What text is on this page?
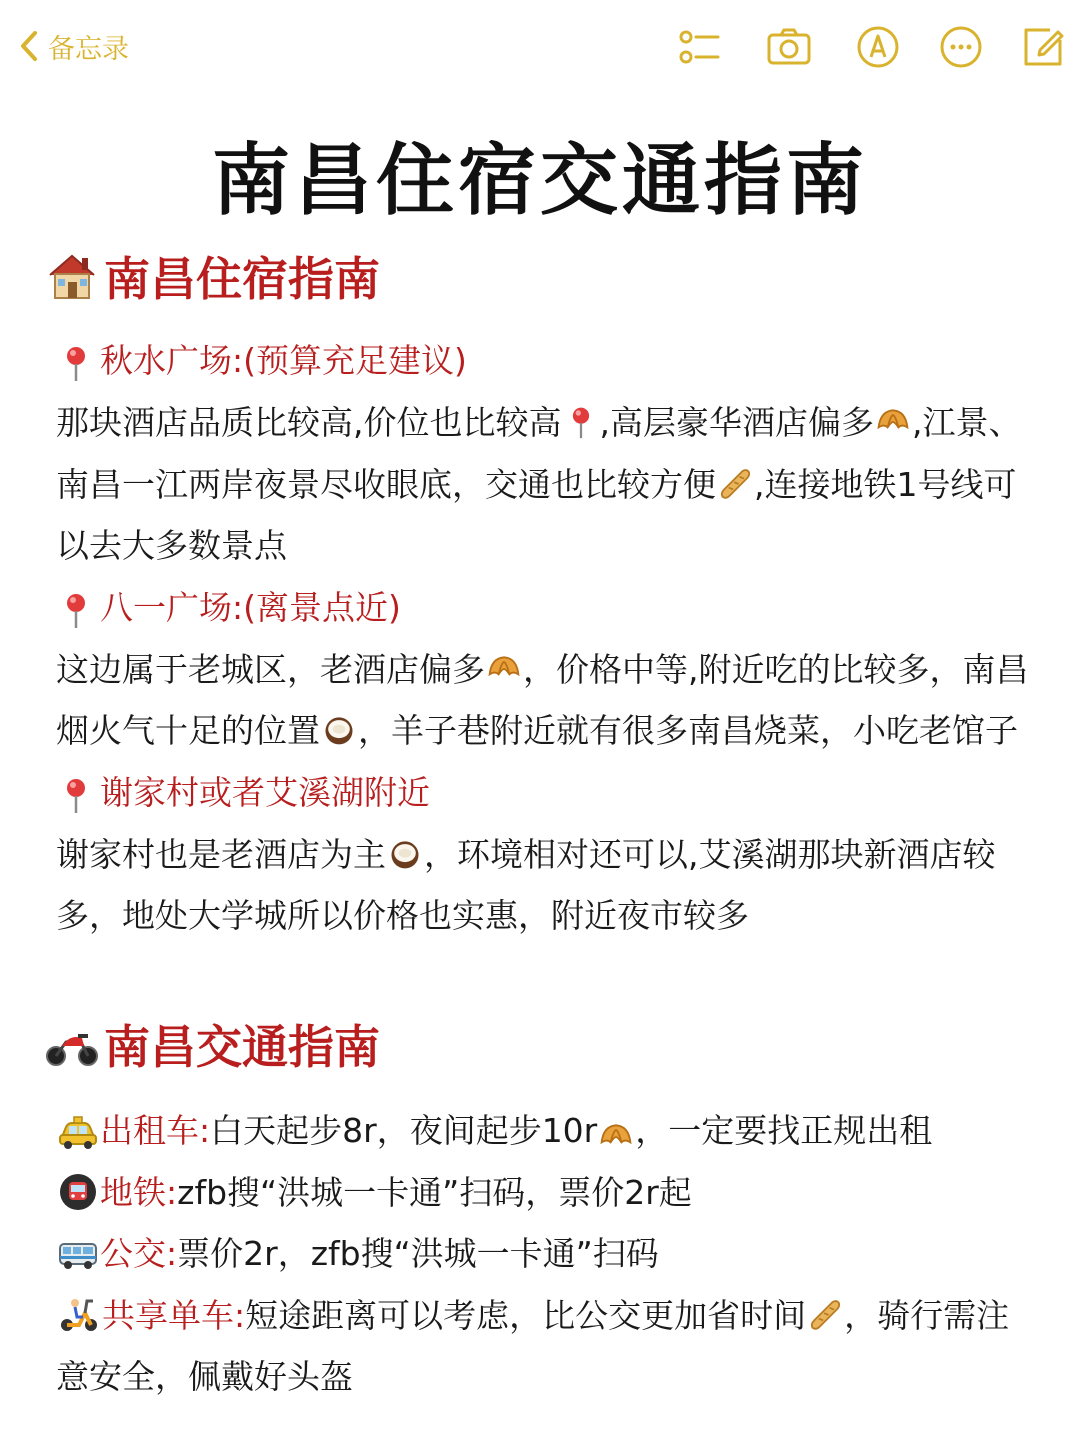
备忘录
南昌住宿交通指南
南昌住宿指南
秋水广场:(预算充足建议)
那块酒店品质比较高,价位也比较高 ,高层豪华酒店偏多 ,江景、南昌一江两岸夜景尽收眼底，交通也比较方便 ,连接地铁1号线可以去大多数景点
八一广场:(离景点近)
这边属于老城区，老酒店偏多 ，价格中等,附近吃的比较多，南昌烟火气十足的位置 ，羊子巷附近就有很多南昌烧菜，小吃老馆子
谢家村或者艾溪湖附近
谢家村也是老酒店为主 ，环境相对还可以,艾溪湖那块新酒店较多，地处大学城所以价格也实惠，附近夜市较多
南昌交通指南
出租车: 白天起步8r，夜间起步10r ，一定要找正规出租
地铁: zfb搜“洪城一卡通”扫码，票价2r起
公交: 票价2r，zfb搜“洪城一卡通”扫码
共享单车:短途距离可以考虑，比公交更加省时间 ，骑行需注意安全，佩戴好头盔
